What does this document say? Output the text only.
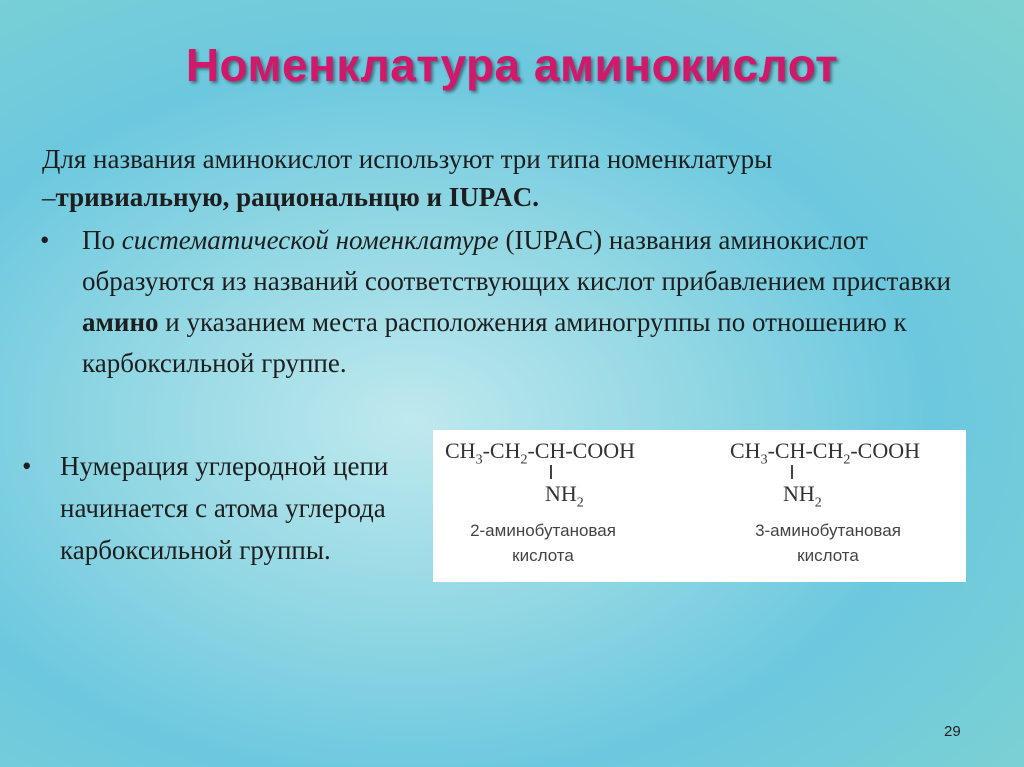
Номенклатура аминокислот
Для названия аминокислот используют три типа номенклатуры
–тривиальную, рациональнцю и IUPAC.
• По систематической номенклатуре (IUPAC) названия аминокислот образуются из названий соответствующих кислот прибавлением приставки амино и указанием места расположения аминогруппы по отношению к карбоксильной группе.
• Нумерация углеродной цепи начинается с атома углерода карбоксильной группы.
$CH_3-CH_2-CH$-COOH
$NH_2$
2-аминобутановая
кислота
$CH_3-CH-CH_2$-COOH
$NH_2$
3-аминобутановая
кислота
29
